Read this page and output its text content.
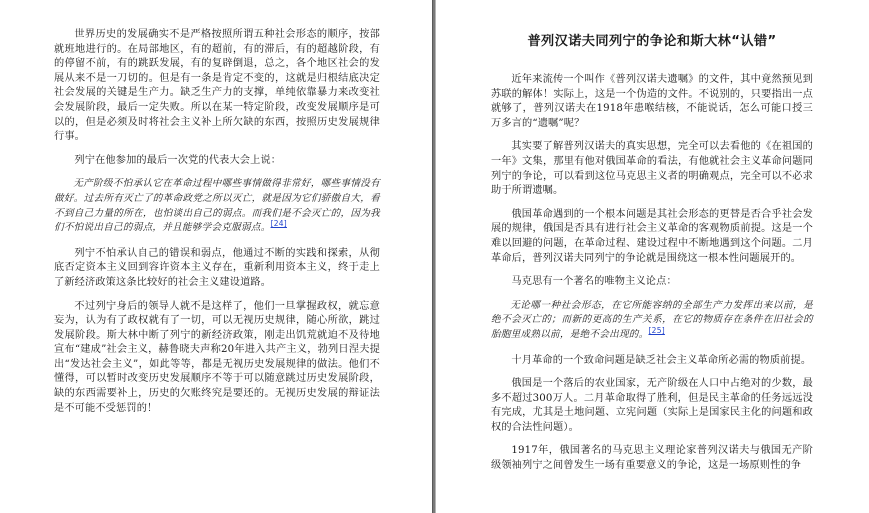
世界历史的发展确实不是严格按照所谓五种社会形态的顺序，按部就班地进行的。在局部地区，有的超前，有的滞后，有的超越阶段，有的停留不前，有的跳跃发展，有的复辟倒退，总之，各个地区社会的发展从来不是一刀切的。但是有一条是肯定不变的，这就是归根结底决定社会发展的关键是生产力。缺乏生产力的支撑，单纯依靠暴力来改变社会发展阶段，最后一定失败。所以在某一特定阶段，改变发展顺序是可以的，但是必须及时将社会主义补上所欠缺的东西，按照历史发展规律行事。

列宁在他参加的最后一次党的代表大会上说：

无产阶级不怕承认它在革命过程中哪些事情做得非常好，哪些事情没有做好。过去所有灭亡了的革命政党之所以灭亡，就是因为它们骄傲自大，看不到自己力量的所在，也怕谈出自己的弱点。而我们是不会灭亡的，因为我们不怕说出自己的弱点，并且能够学会克服弱点。[24]

列宁不怕承认自己的错误和弱点，他通过不断的实践和探索，从彻底否定资本主义回到容许资本主义存在，重新利用资本主义，终于走上了新经济政策这条比较好的社会主义建设道路。

不过列宁身后的领导人就不是这样了，他们一旦掌握政权，就忘意妄为，认为有了政权就有了一切，可以无视历史规律，随心所欲，跳过发展阶段。斯大林中断了列宁的新经济政策，刚走出饥荒就迫不及待地宣布“建成”社会主义，赫鲁晓夫声称20年进入共产主义，勃列日涅夫提出“发达社会主义”，如此等等，都是无视历史发展规律的做法。他们不懂得，可以暂时改变历史发展顺序不等于可以随意跳过历史发展阶段，缺的东西需要补上，历史的欠账终究是要还的。无视历史发展的辩证法是不可能不受惩罚的！

普列汉诺夫同列宁的争论和斯大林“认错”

近年来流传一个叫作《普列汉诺夫遗嘱》的文件，其中竟然预见到苏联的解体！实际上，这是一个伪造的文件。不说别的，只要指出一点就够了，普列汉诺夫在1918年患喉结核，不能说话，怎么可能口授三万多言的“遗嘱”呢？

其实要了解普列汉诺夫的真实思想，完全可以去看他的《在祖国的一年》文集，那里有他对俄国革命的看法，有他就社会主义革命问题同列宁的争论，可以看到这位马克思主义者的明确观点，完全可以不必求助于所谓遗嘱。

俄国革命遇到的一个根本问题是其社会形态的更替是否合乎社会发展的规律，俄国是否具有进行社会主义革命的客观物质前提。这是一个难以回避的问题，在革命过程、建设过程中不断地遇到这个问题。二月革命后，普列汉诺夫同列宁的争论就是围绕这一根本性问题展开的。

马克思有一个著名的唯物主义论点：

无论哪一种社会形态，在它所能容纳的全部生产力发挥出来以前，是绝不会灭亡的；而新的更高的生产关系，在它的物质存在条件在旧社会的胎胞里成熟以前，是绝不会出现的。[25]

十月革命的一个致命问题是缺乏社会主义革命所必需的物质前提。

俄国是一个落后的农业国家，无产阶级在人口中占绝对的少数，最多不超过300万人。二月革命取得了胜利，但是民主革命的任务远远没有完成，尤其是土地问题、立宪问题（实际上是国家民主化的问题和政权的合法性问题）。

1917年，俄国著名的马克思主义理论家普列汉诺夫与俄国无产阶级领袖列宁之间曾发生一场有重要意义的争论，这是一场原则性的争
